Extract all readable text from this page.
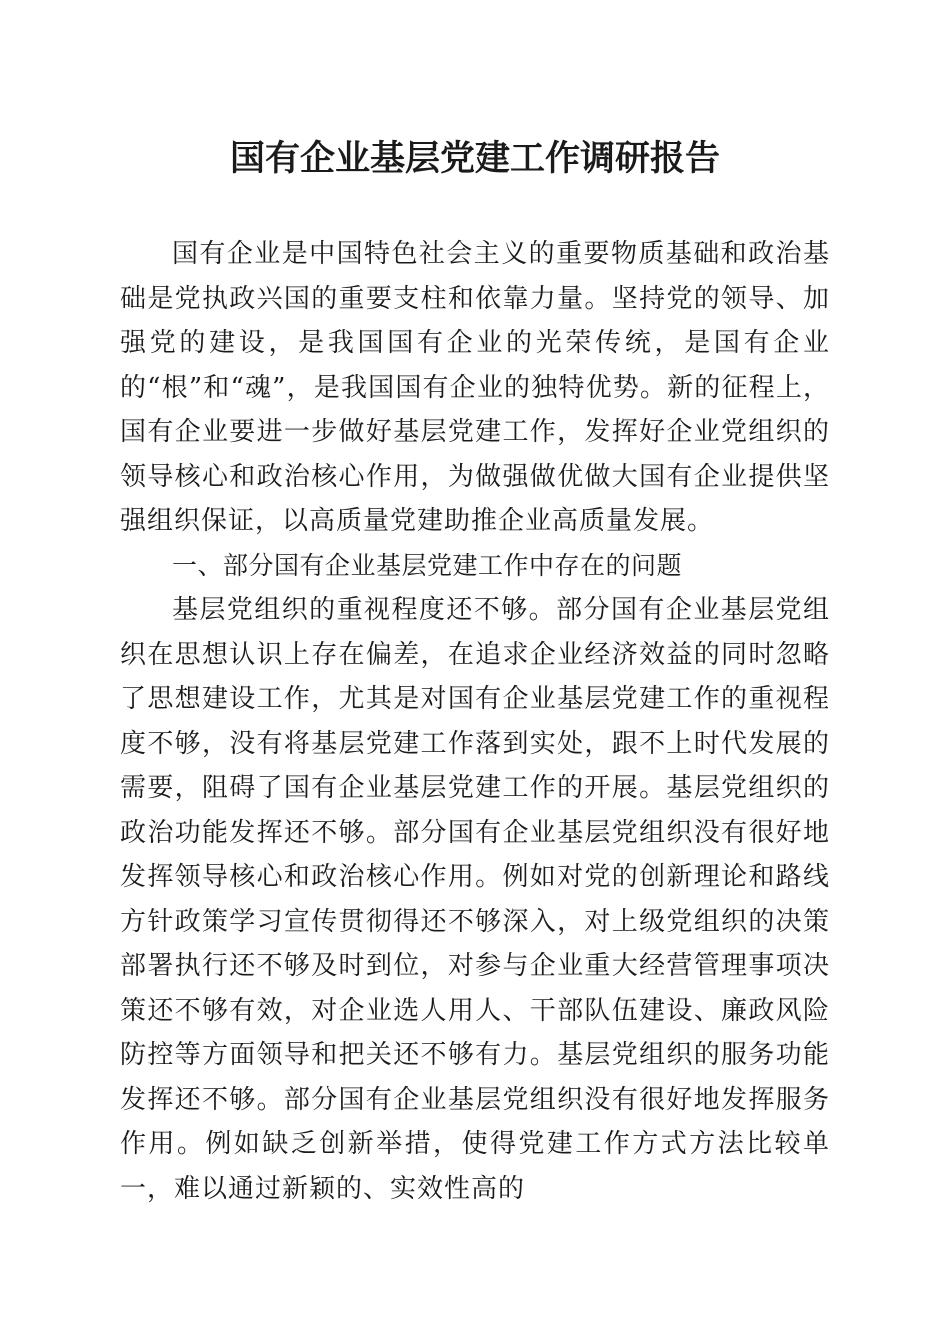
国有企业基层党建工作调研报告

国有企业是中国特色社会主义的重要物质基础和政治基础是党执政兴国的重要支柱和依靠力量。坚持党的领导、加强党的建设，是我国国有企业的光荣传统，是国有企业的“根”和“魂”，是我国国有企业的独特优势。新的征程上，国有企业要进一步做好基层党建工作，发挥好企业党组织的领导核心和政治核心作用，为做强做优做大国有企业提供坚强组织保证，以高质量党建助推企业高质量发展。

一、部分国有企业基层党建工作中存在的问题

基层党组织的重视程度还不够。部分国有企业基层党组织在思想认识上存在偏差，在追求企业经济效益的同时忽略了思想建设工作，尤其是对国有企业基层党建工作的重视程度不够，没有将基层党建工作落到实处，跟不上时代发展的需要，阻碍了国有企业基层党建工作的开展。基层党组织的政治功能发挥还不够。部分国有企业基层党组织没有很好地发挥领导核心和政治核心作用。例如对党的创新理论和路线方针政策学习宣传贯彻得还不够深入，对上级党组织的决策部署执行还不够及时到位，对参与企业重大经营管理事项决策还不够有效，对企业选人用人、干部队伍建设、廉政风险防控等方面领导和把关还不够有力。基层党组织的服务功能发挥还不够。部分国有企业基层党组织没有很好地发挥服务作用。例如缺乏创新举措，使得党建工作方式方法比较单一，难以通过新颖的、实效性高的
